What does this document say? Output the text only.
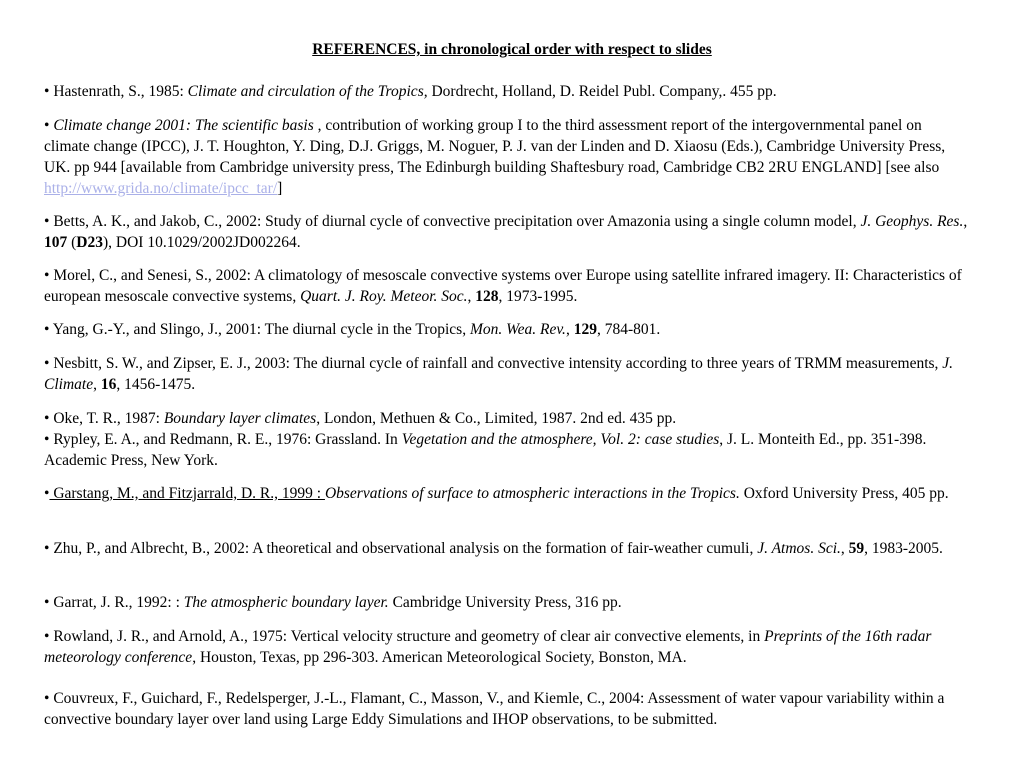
REFERENCES, in chronological order with respect to slides
• Hastenrath, S., 1985: Climate and circulation of the Tropics, Dordrecht, Holland, D. Reidel Publ. Company,. 455 pp.
• Climate change 2001: The scientific basis , contribution of working group I to the third assessment report of the intergovernmental panel on climate change (IPCC), J. T. Houghton, Y. Ding, D.J. Griggs, M. Noguer, P. J. van der Linden and D. Xiaosu (Eds.), Cambridge University Press, UK. pp 944 [available from Cambridge university press, The Edinburgh building Shaftesbury road, Cambridge CB2 2RU ENGLAND] [see also http://www.grida.no/climate/ipcc_tar/]
• Betts, A. K., and Jakob, C., 2002: Study of diurnal cycle of convective precipitation over Amazonia using a single column model, J. Geophys. Res., 107 (D23), DOI 10.1029/2002JD002264.
• Morel, C., and Senesi, S., 2002: A climatology of mesoscale convective systems over Europe using satellite infrared imagery. II: Characteristics of european mesoscale convective systems, Quart. J. Roy. Meteor. Soc., 128, 1973-1995.
• Yang, G.-Y., and Slingo, J., 2001: The diurnal cycle in the Tropics, Mon. Wea. Rev., 129, 784-801.
• Nesbitt, S. W., and Zipser, E. J., 2003: The diurnal cycle of rainfall and convective intensity according to three years of TRMM measurements, J. Climate, 16, 1456-1475.
• Oke, T. R., 1987: Boundary layer climates, London, Methuen & Co., Limited, 1987. 2nd ed. 435 pp.
• Rypley, E. A., and Redmann, R. E., 1976: Grassland. In Vegetation and the atmosphere, Vol. 2: case studies, J. L. Monteith Ed., pp. 351-398. Academic Press, New York.
• Garstang, M., and Fitzjarrald, D. R., 1999 : Observations of surface to atmospheric interactions in the Tropics. Oxford University Press, 405 pp.
• Zhu, P., and Albrecht, B., 2002: A theoretical and observational analysis on the formation of fair-weather cumuli, J. Atmos. Sci., 59, 1983-2005.
• Garrat, J. R., 1992: : The atmospheric boundary layer. Cambridge University Press, 316 pp.
• Rowland, J. R., and Arnold, A., 1975: Vertical velocity structure and geometry of clear air convective elements, in Preprints of the 16th radar meteorology conference, Houston, Texas, pp 296-303. American Meteorological Society, Bonston, MA.
• Couvreux, F., Guichard, F., Redelsperger, J.-L., Flamant, C., Masson, V., and Kiemle, C., 2004: Assessment of water vapour variability within a convective boundary layer over land using Large Eddy Simulations and IHOP observations, to be submitted.
